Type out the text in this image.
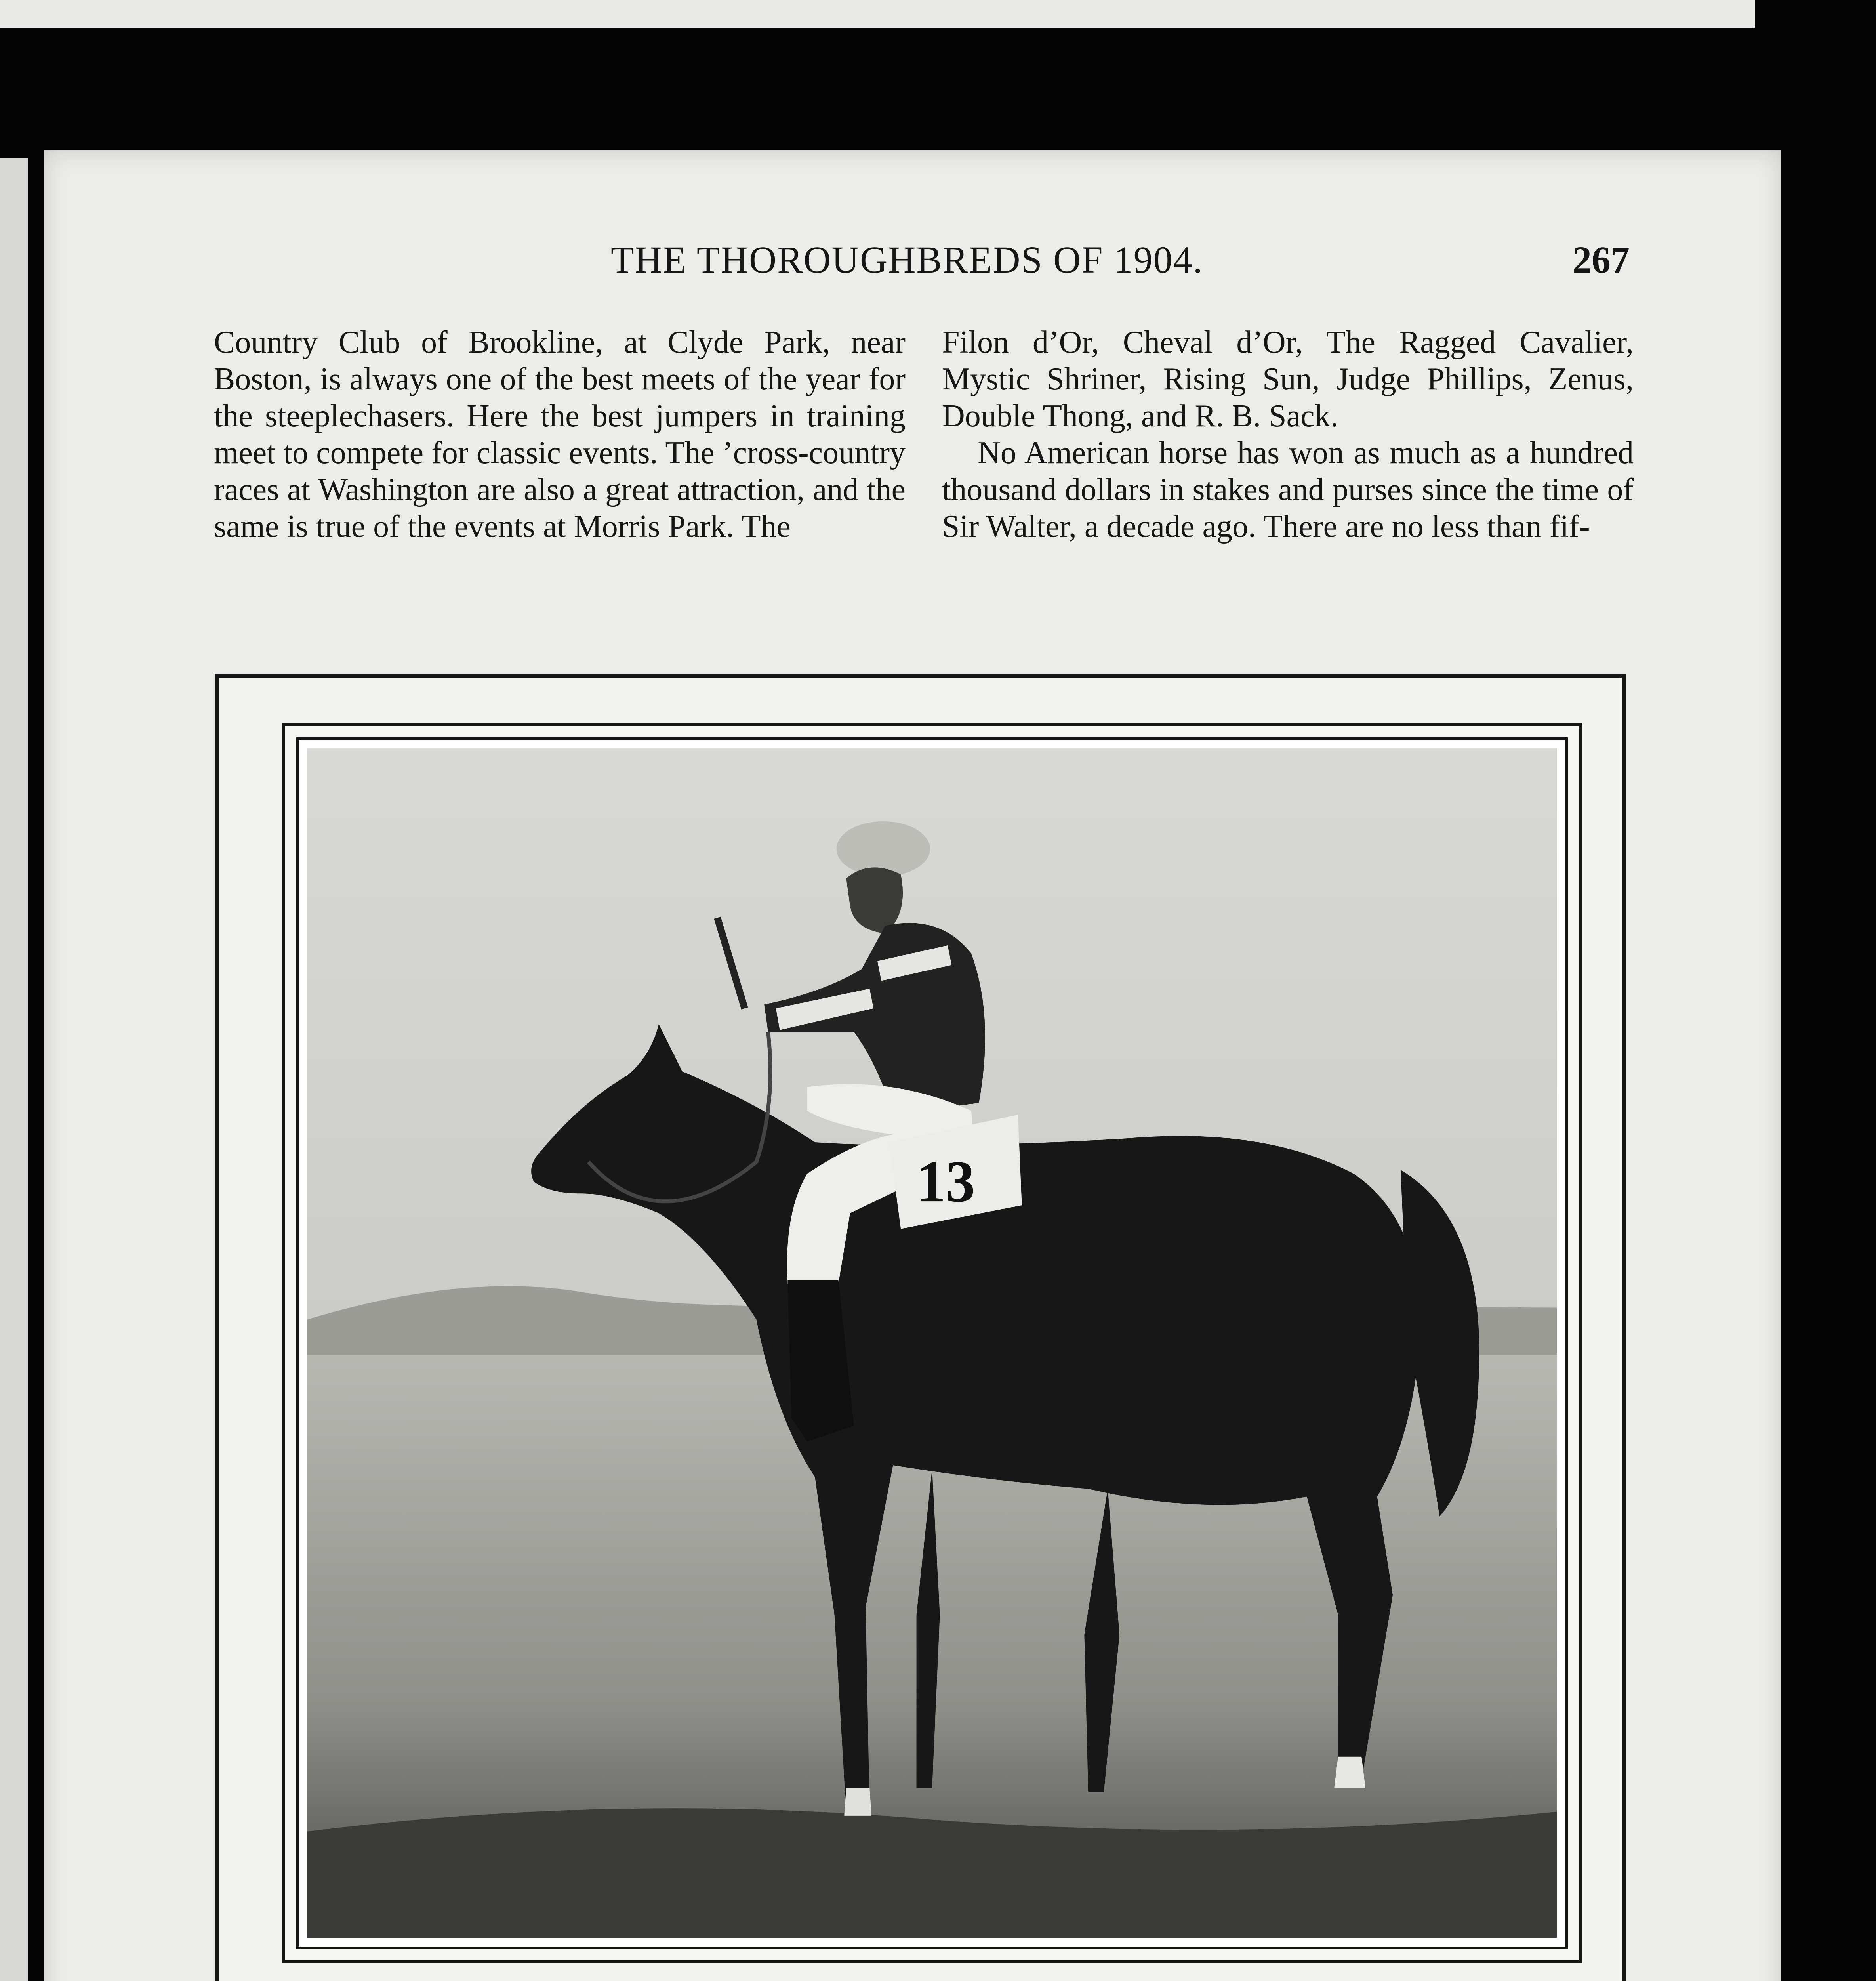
THE THOROUGHBREDS OF 1904.	267

Country Club of Brookline, at Clyde Park, near Boston, is always one of the best meets of the year for the steeplechasers. Here the best jumpers in training meet to compete for classic events. The ’cross-country races at Washington are also a great attraction, and the same is true of the events at Morris Park. The

Filon d’Or, Cheval d’Or, The Ragged Cavalier, Mystic Shriner, Rising Sun, Judge Phillips, Zenus, Double Thong, and R. B. Sack.

No American horse has won as much as a hundred thousand dollars in stakes and purses since the time of Sir Walter, a decade ago. There are no less than fif-

13
